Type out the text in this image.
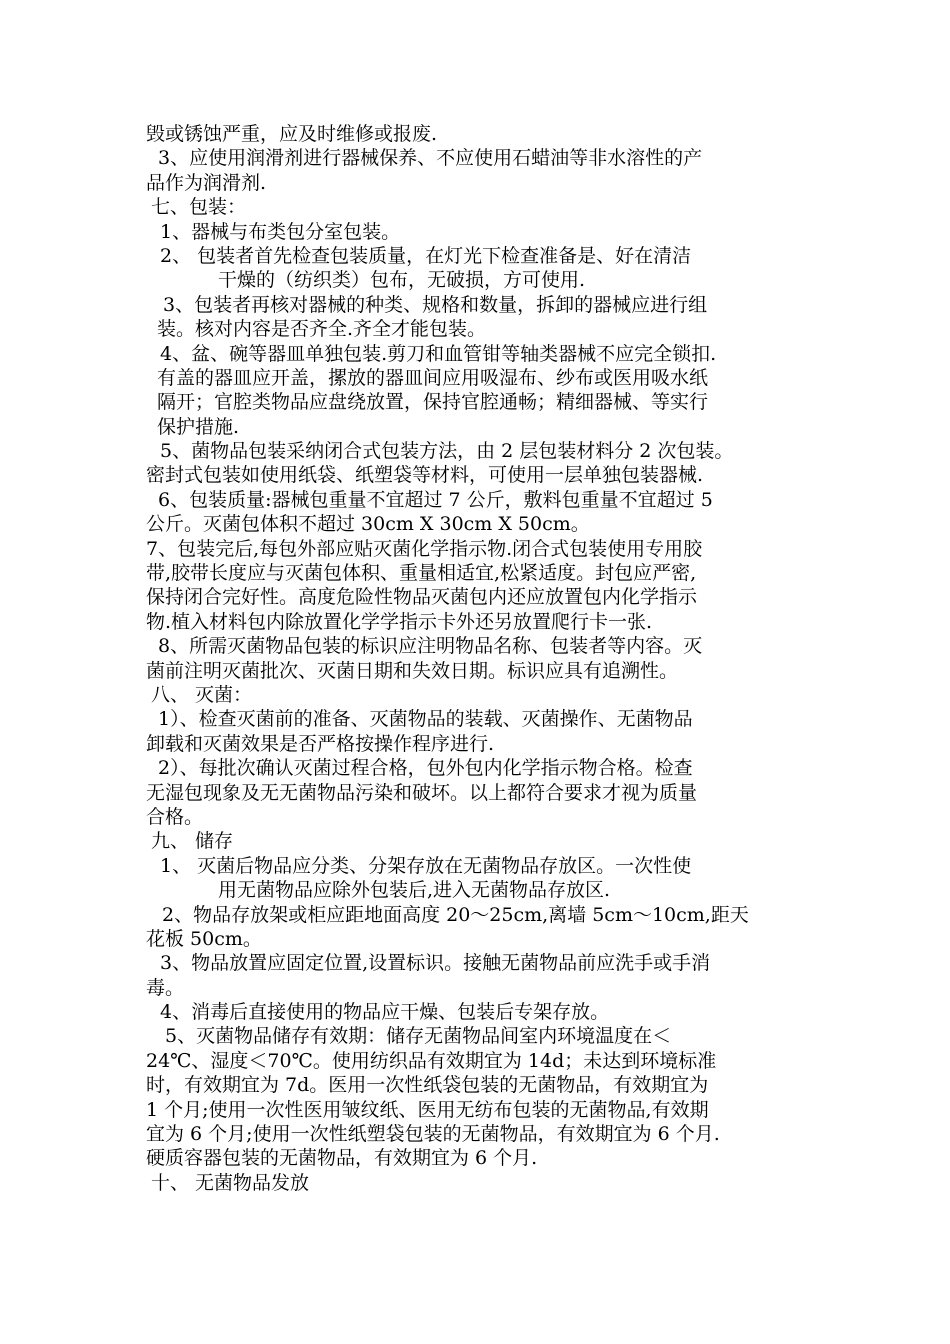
毁或锈蚀严重，应及时维修或报废.
3、应使用润滑剂进行器械保养、不应使用石蜡油等非水溶性的产
品作为润滑剂.
七、包装：
1、器械与布类包分室包装。
2、 包装者首先检查包装质量，在灯光下检查准备是、好在清洁
干燥的（纺织类）包布，无破损，方可使用.
3、包装者再核对器械的种类、规格和数量，拆卸的器械应进行组
装。核对内容是否齐全.齐全才能包装。
4、盆、碗等器皿单独包装.剪刀和血管钳等轴类器械不应完全锁扣.
有盖的器皿应开盖，摞放的器皿间应用吸湿布、纱布或医用吸水纸
隔开；官腔类物品应盘绕放置，保持官腔通畅；精细器械、等实行
保护措施.
5、菌物品包装采纳闭合式包装方法，由 2 层包装材料分 2 次包装。
密封式包装如使用纸袋、纸塑袋等材料，可使用一层单独包装器械.
6、包装质量:器械包重量不宜超过 7 公斤，敷料包重量不宜超过 5
公斤。灭菌包体积不超过 30cm X 30cm X 50cm。
7、包装完后,每包外部应贴灭菌化学指示物.闭合式包装使用专用胶
带,胶带长度应与灭菌包体积、重量相适宜,松紧适度。封包应严密,
保持闭合完好性。高度危险性物品灭菌包内还应放置包内化学指示
物.植入材料包内除放置化学学指示卡外还另放置爬行卡一张.
8、所需灭菌物品包装的标识应注明物品名称、包装者等内容。灭
菌前注明灭菌批次、灭菌日期和失效日期。标识应具有追溯性。
八、 灭菌：
1）、检查灭菌前的准备、灭菌物品的装载、灭菌操作、无菌物品
卸载和灭菌效果是否严格按操作程序进行.
2）、每批次确认灭菌过程合格，包外包内化学指示物合格。检查
无湿包现象及无无菌物品污染和破坏。以上都符合要求才视为质量
合格。
九、 储存
1、 灭菌后物品应分类、分架存放在无菌物品存放区。一次性使
用无菌物品应除外包装后,进入无菌物品存放区.
2、物品存放架或柜应距地面高度 20～25cm,离墙 5cm～10cm,距天
花板 50cm。
3、物品放置应固定位置,设置标识。接触无菌物品前应洗手或手消
毒。
4、消毒后直接使用的物品应干燥、包装后专架存放。
5、灭菌物品储存有效期：储存无菌物品间室内环境温度在＜
24℃、湿度＜70℃。使用纺织品有效期宜为 14d；未达到环境标准
时，有效期宜为 7d。医用一次性纸袋包装的无菌物品，有效期宜为
1 个月;使用一次性医用皱纹纸、医用无纺布包装的无菌物品,有效期
宜为 6 个月;使用一次性纸塑袋包装的无菌物品，有效期宜为 6 个月.
硬质容器包装的无菌物品，有效期宜为 6 个月.
十、 无菌物品发放
